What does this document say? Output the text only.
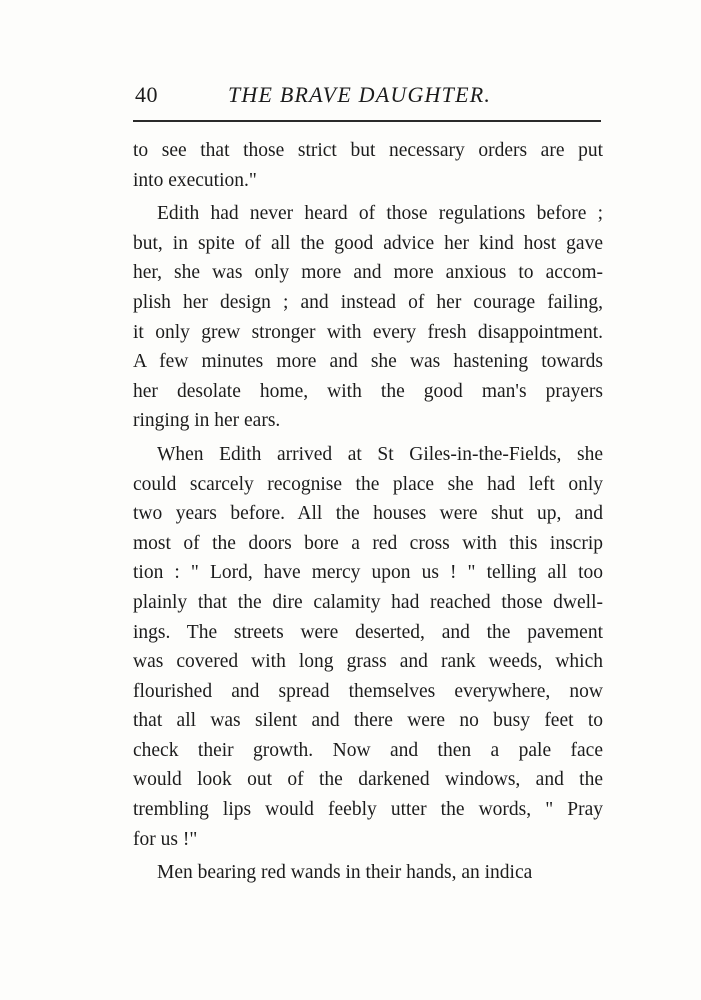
40	THE BRAVE DAUGHTER.
to see that those strict but necessary orders are put
into execution."
Edith had never heard of those regulations before ;
but, in spite of all the good advice her kind host gave
her, she was only more and more anxious to accom-
plish her design ; and instead of her courage failing,
it only grew stronger with every fresh disappointment.
A few minutes more and she was hastening towards
her desolate home, with the good man's prayers
ringing in her ears.
When Edith arrived at St Giles-in-the-Fields, she
could scarcely recognise the place she had left only
two years before. All the houses were shut up, and
most of the doors bore a red cross with this inscrip
tion : " Lord, have mercy upon us ! " telling all too
plainly that the dire calamity had reached those dwell-
ings. The streets were deserted, and the pavement
was covered with long grass and rank weeds, which
flourished and spread themselves everywhere, now
that all was silent and there were no busy feet to
check their growth. Now and then a pale face
would look out of the darkened windows, and the
trembling lips would feebly utter the words, " Pray
for us !"
Men bearing red wands in their hands, an indica
